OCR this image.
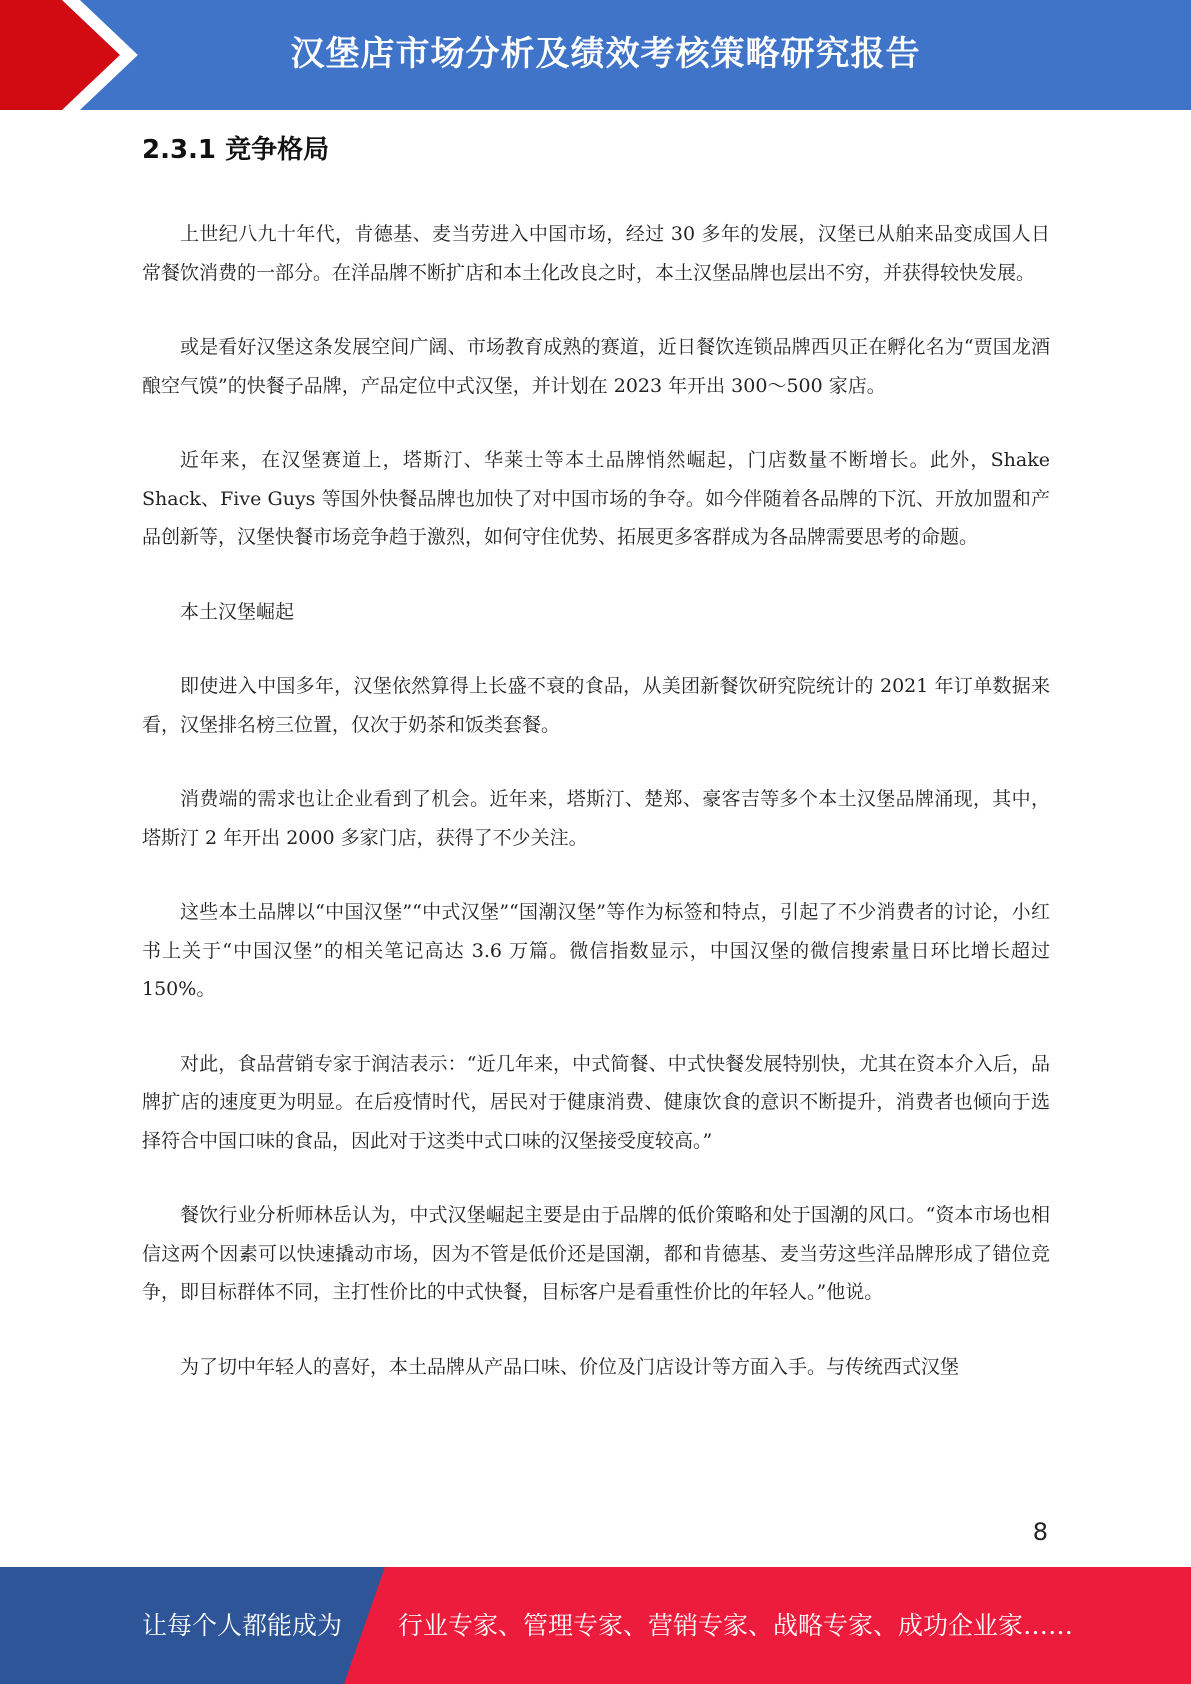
汉堡店市场分析及绩效考核策略研究报告
2.3.1 竞争格局

上世纪八九十年代，肯德基、麦当劳进入中国市场，经过 30 多年的发展，汉堡已从舶来品变成国人日常餐饮消费的一部分。在洋品牌不断扩店和本土化改良之时，本土汉堡品牌也层出不穷，并获得较快发展。

或是看好汉堡这条发展空间广阔、市场教育成熟的赛道，近日餐饮连锁品牌西贝正在孵化名为“贾国龙酒酿空气馍”的快餐子品牌，产品定位中式汉堡，并计划在 2023 年开出 300～500 家店。

近年来，在汉堡赛道上，塔斯汀、华莱士等本土品牌悄然崛起，门店数量不断增长。此外，Shake Shack、Five Guys 等国外快餐品牌也加快了对中国市场的争夺。如今伴随着各品牌的下沉、开放加盟和产品创新等，汉堡快餐市场竞争趋于激烈，如何守住优势、拓展更多客群成为各品牌需要思考的命题。

本土汉堡崛起

即使进入中国多年，汉堡依然算得上长盛不衰的食品，从美团新餐饮研究院统计的 2021 年订单数据来看，汉堡排名榜三位置，仅次于奶茶和饭类套餐。

消费端的需求也让企业看到了机会。近年来，塔斯汀、楚郑、豪客吉等多个本土汉堡品牌涌现，其中，塔斯汀 2 年开出 2000 多家门店，获得了不少关注。

这些本土品牌以“中国汉堡”“中式汉堡”“国潮汉堡”等作为标签和特点，引起了不少消费者的讨论，小红书上关于“中国汉堡”的相关笔记高达 3.6 万篇。微信指数显示，中国汉堡的微信搜索量日环比增长超过 150%。

对此，食品营销专家于润洁表示：“近几年来，中式简餐、中式快餐发展特别快，尤其在资本介入后，品牌扩店的速度更为明显。在后疫情时代，居民对于健康消费、健康饮食的意识不断提升，消费者也倾向于选择符合中国口味的食品，因此对于这类中式口味的汉堡接受度较高。”

餐饮行业分析师林岳认为，中式汉堡崛起主要是由于品牌的低价策略和处于国潮的风口。“资本市场也相信这两个因素可以快速撬动市场，因为不管是低价还是国潮，都和肯德基、麦当劳这些洋品牌形成了错位竞争，即目标群体不同，主打性价比的中式快餐，目标客户是看重性价比的年轻人。”他说。

为了切中年轻人的喜好，本土品牌从产品口味、价位及门店设计等方面入手。与传统西式汉堡

8
让每个人都能成为 行业专家、管理专家、营销专家、战略专家、成功企业家……
